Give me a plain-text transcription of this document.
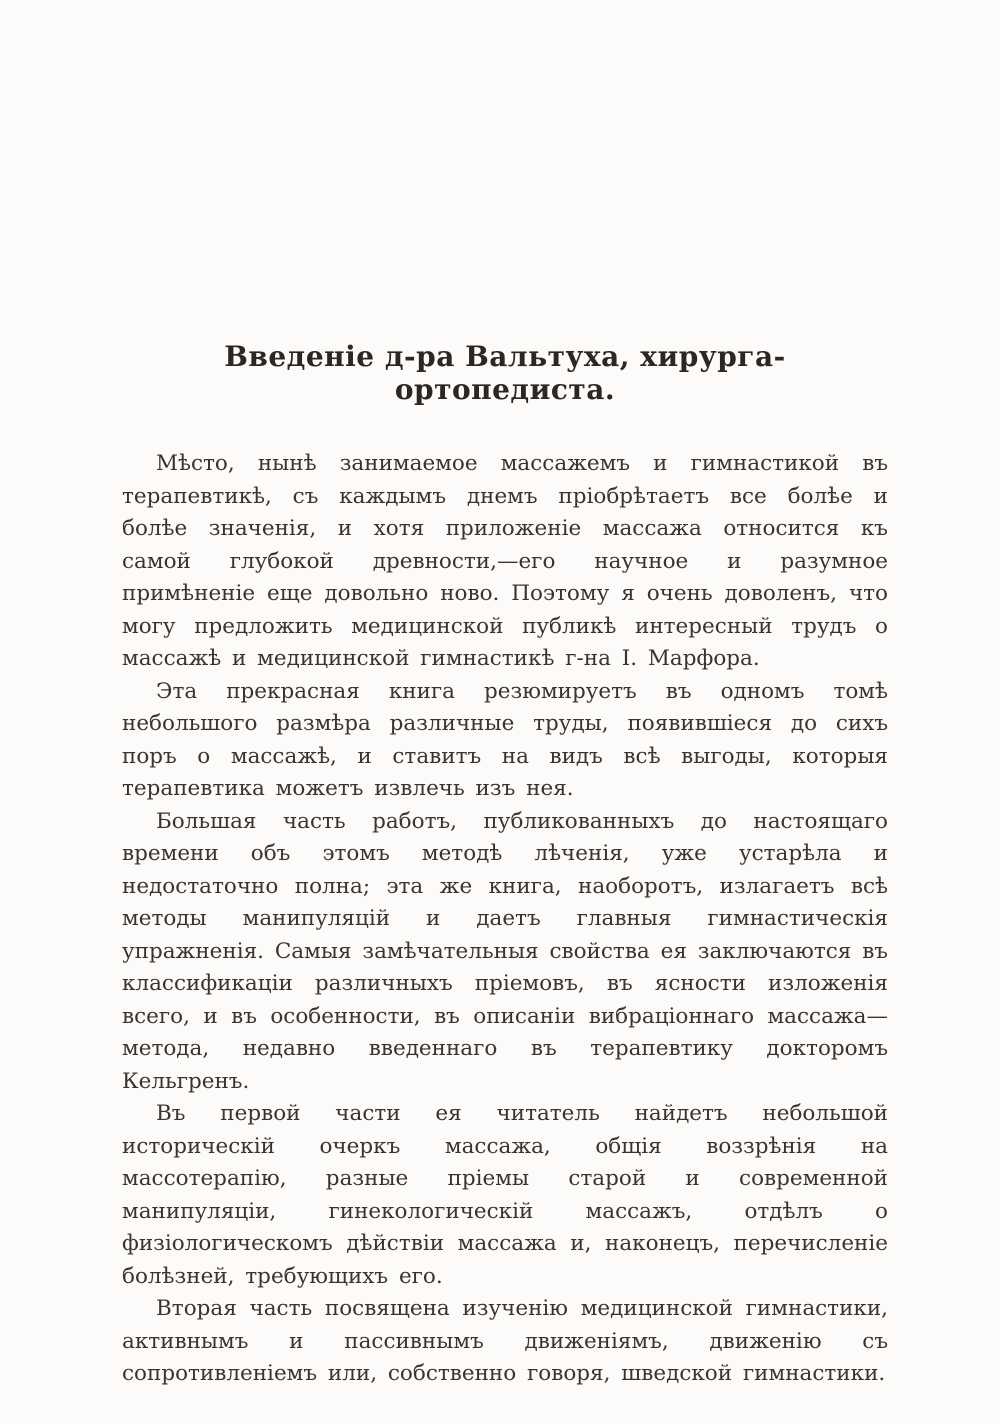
Введеніе д-ра Вальтуха, хирурга-ортопедиста.

Мѣсто, нынѣ занимаемое массажемъ и гимнастикой въ терапевтикѣ, съ каждымъ днемъ пріобрѣтаетъ все болѣе и болѣе значенія, и хотя приложеніе массажа относится къ самой глубокой древности,—его научное и разумное примѣненіе еще довольно ново. Поэтому я очень доволенъ, что могу предложить медицинской публикѣ интересный трудъ о массажѣ и медицинской гимнастикѣ г-на I. Марфора.

Эта прекрасная книга резюмируетъ въ одномъ томѣ небольшого размѣра различные труды, появившіеся до сихъ поръ о массажѣ, и ставитъ на видъ всѣ выгоды, которыя терапевтика можетъ извлечь изъ нея.

Большая часть работъ, публикованныхъ до настоящаго времени объ этомъ методѣ лѣченія, уже устарѣла и недостаточно полна; эта же книга, наоборотъ, излагаетъ всѣ методы манипуляцій и даетъ главныя гимнастическія упражненія. Самыя замѣчательныя свойства ея заключаются въ классификаціи различныхъ пріемовъ, въ ясности изложенія всего, и въ особенности, въ описаніи вибраціоннаго массажа—метода, недавно введеннаго въ терапевтику докторомъ Кельгренъ.

Въ первой части ея читатель найдетъ небольшой историческій очеркъ массажа, общія воззрѣнія на массотерапію, разные пріемы старой и современной манипуляціи, гинекологическій массажъ, отдѣлъ о физіологическомъ дѣйствіи массажа и, наконецъ, перечисленіе болѣзней, требующихъ его.

Вторая часть посвящена изученію медицинской гимнастики, активнымъ и пассивнымъ движеніямъ, движенію съ сопротивленіемъ или, собственно говоря, шведской гимнастики.
